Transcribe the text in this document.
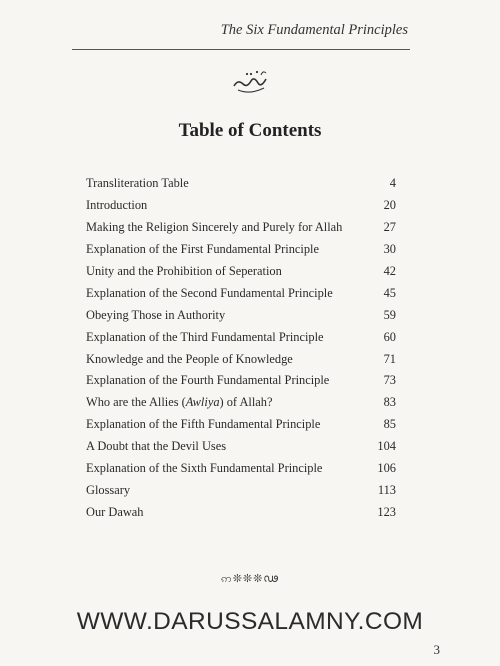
The Six Fundamental Principles
Table of Contents
Transliteration Table	4
Introduction	20
Making the Religion Sincerely and Purely for Allah	27
Explanation of the First Fundamental Principle	30
Unity and the Prohibition of Seperation	42
Explanation of the Second Fundamental Principle	45
Obeying Those in Authority	59
Explanation of the Third Fundamental Principle	60
Knowledge and the People of Knowledge	71
Explanation of the Fourth Fundamental Principle	73
Who are the Allies (Awliya) of Allah?	83
Explanation of the Fifth Fundamental Principle	85
A Doubt that the Devil Uses	104
Explanation of the Sixth Fundamental Principle	106
Glossary	113
Our Dawah	123
ဢ❊❊❊ഢ
WWW.DARUSSALAMNY.COM
3
